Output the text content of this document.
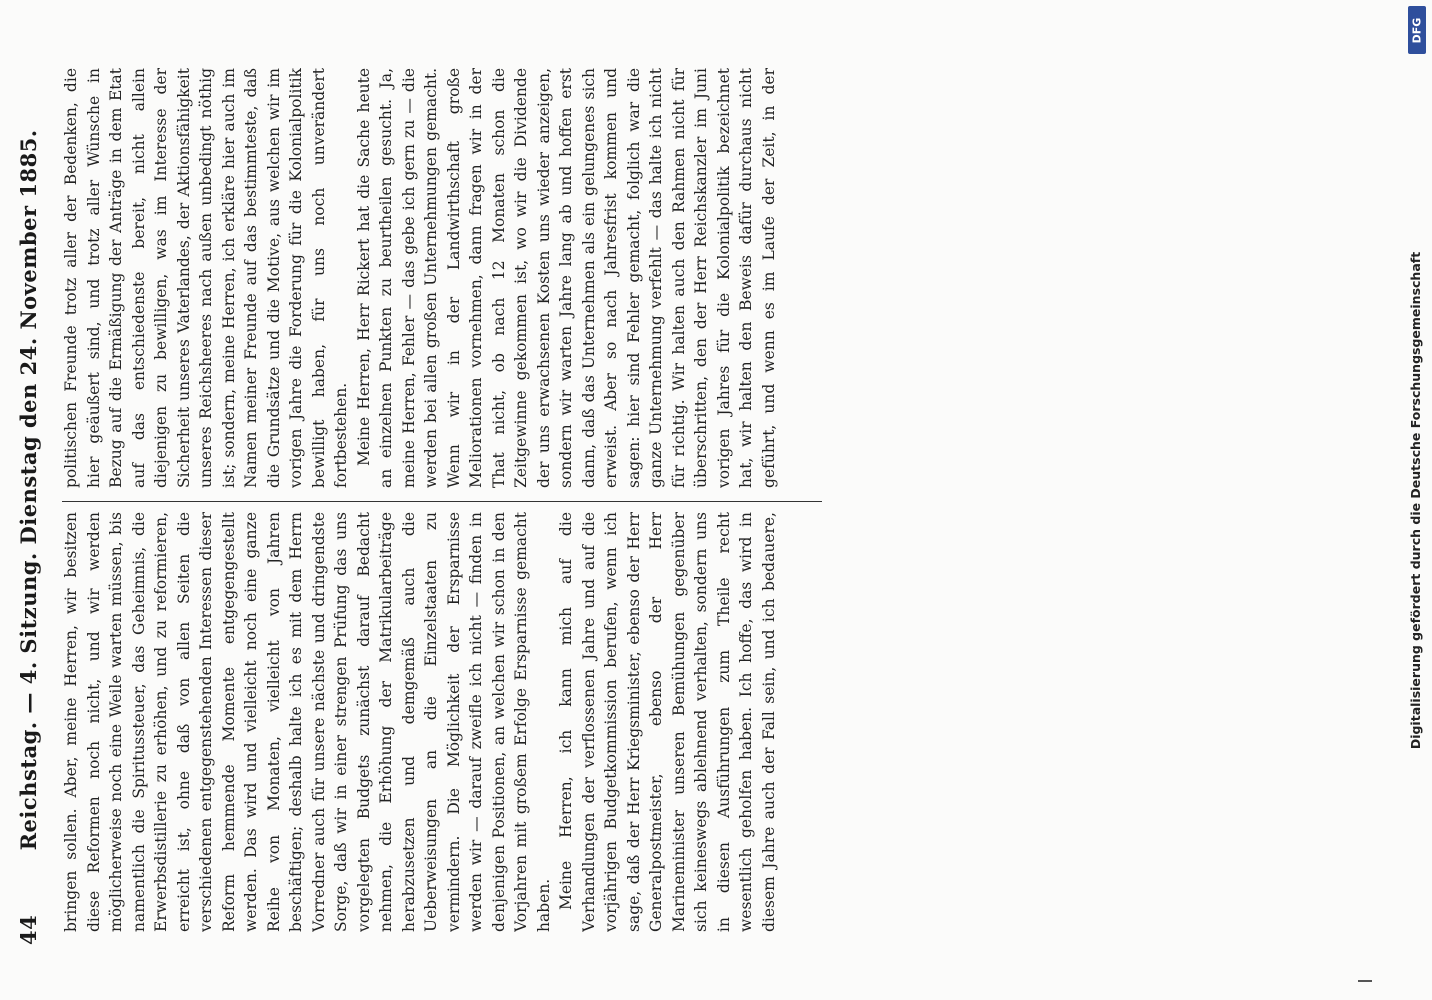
44
Reichstag. — 4. Sitzung. Dienstag den 24. November 1885. bringen sollen. Aber, meine Herren, wir besitzen diese Reformen noch nicht, und wir werden möglicherweise noch eine Weile warten müssen, bis namentlich die Spiritussteuer, das Geheimnis, die Erwerbsdistillerie zu erhöhen, und zu reformieren, erreicht ist, ohne daß von allen Seiten die verschiedenen entgegenstehenden Interessen dieser Reform hemmende Momente entgegengestellt werden. Das wird und vielleicht noch eine ganze Reihe von Monaten, vielleicht von Jahren beschäftigen; deshalb halte ich es mit dem Herrn Vorredner auch für unsere nächste und dringendste Sorge, daß wir in einer strengen Prüfung das uns vorgelegten Budgets zunächst darauf Bedacht nehmen, die Erhöhung der Matrikularbeiträge herabzusetzen und demgemäß auch die Ueberweisungen an die Einzelstaaten zu vermindern. Die Möglichkeit der Ersparnisse werden wir — darauf zweifle ich nicht — finden in denjenigen Positionen, an welchen wir schon in den Vorjahren mit großem Erfolge Ersparnisse gemacht haben. Meine Herren, ich kann mich auf die Verhandlungen der verflossenen Jahre und auf die vorjährigen Budgetkommission berufen, wenn ich sage, daß der Herr Kriegsminister, ebenso der Herr Generalpostmeister, ebenso der Herr Marineminister unseren Bemühungen gegenüber sich keineswegs ablehnend verhalten, sondern uns in diesen Ausführungen zum Theile recht wesentlich geholfen haben. Ich hoffe, das wird in diesem Jahre auch der Fall sein, und ich bedauere,

politischen Freunde trotz aller der Bedenken, die hier geäußert sind, und trotz aller Wünsche in Bezug auf die Ermäßigung der Anträge in dem Etat auf das entschiedenste bereit, nicht allein diejenigen zu bewilligen, was im Interesse der Sicherheit unseres Vaterlandes, der Aktionsfähigkeit unseres Reichsheeres nach außen unbedingt nöthig ist; sondern, meine Herren, ich erkläre hier auch im Namen meiner Freunde auf das bestimmteste, daß die Grundsätze und die Motive, aus welchen wir im vorigen Jahre die Forderung für die Kolonialpolitik bewilligt haben, für uns noch unverändert fortbestehen. Meine Herren, Herr Rickert hat die Sache heute an einzelnen Punkten zu beurtheilen gesucht. Ja, meine Herren, Fehler — das gebe ich gern zu — die werden bei allen großen Unternehmungen gemacht. Wenn wir in der Landwirthschaft große Meliorationen vornehmen, dann fragen wir in der That nicht, ob nach 12 Monaten schon die Zeitgewinne gekommen ist, wo wir die Dividende der uns erwachsenen Kosten uns wieder anzeigen, sondern wir warten Jahre lang ab und hoffen erst dann, daß das Unternehmen als ein gelungenes sich erweist. Aber so nach Jahresfrist kommen und sagen: hier sind Fehler gemacht, folglich war die ganze Unternehmung verfehlt — das halte ich nicht für richtig. Wir halten auch den Rahmen nicht für überschritten, den der Herr Reichskanzler im Juni vorigen Jahres für die Kolonialpolitik bezeichnet hat, wir halten den Beweis dafür durchaus nicht geführt, und wenn es im Laufe der Zeit, in der

Digitalisierung gefördert durch die Deutsche Forschungsgemeinschaft
DFG
